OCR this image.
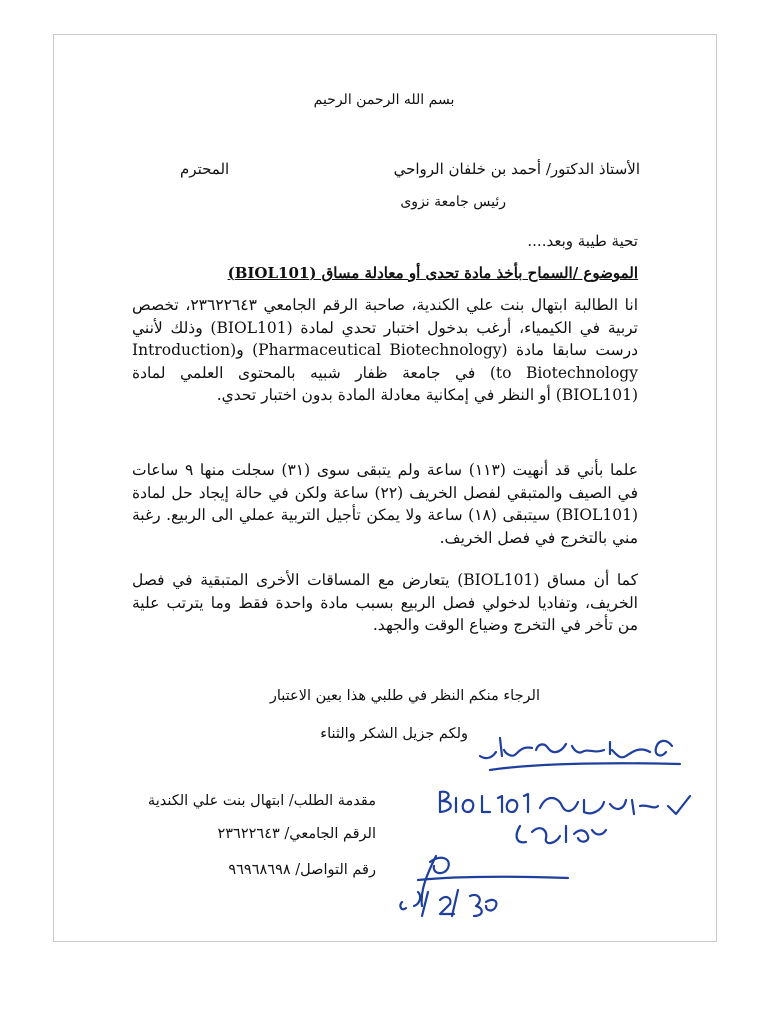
بسم الله الرحمن الرحيم
الأستاذ الدكتور/ أحمد بن خلفان الرواحي
المحترم
رئيس جامعة نزوى
تحية طيبة وبعد....
الموضوع /السماح بأخذ مادة تحدى أو معادلة مساق (BIOL101)
انا الطالبة ابتهال بنت علي الكندية، صاحبة الرقم الجامعي ٢٣٦٢٢٦٤٣، تخصص تربية في الكيمياء، أرغب بدخول اختبار تحدي لمادة (BIOL101) وذلك لأنني درست سابقا مادة (Pharmaceutical Biotechnology) و(Introduction to Biotechnology) في جامعة ظفار شبيه بالمحتوى العلمي لمادة (BIOL101) أو النظر في إمكانية معادلة المادة بدون اختبار تحدي.
علما بأني قد أنهيت (١١٣) ساعة ولم يتبقى سوى (٣١) سجلت منها ٩ ساعات في الصيف والمتبقي لفصل الخريف (٢٢) ساعة ولكن في حالة إيجاد حل لمادة (BIOL101) سيتبقى (١٨) ساعة ولا يمكن تأجيل التربية عملي الى الربيع. رغبة مني بالتخرج في فصل الخريف.
كما أن مساق (BIOL101) يتعارض مع المساقات الأخرى المتبقية في فصل الخريف، وتفاديا لدخولي فصل الربيع بسبب مادة واحدة فقط وما يترتب علية من تأخر في التخرج وضياع الوقت والجهد.
الرجاء منكم النظر في طلبي هذا بعين الاعتبار
ولكم جزيل الشكر والثناء
مقدمة الطلب/ ابتهال بنت علي الكندية
الرقم الجامعي/ ٢٣٦٢٢٦٤٣
رقم التواصل/ ٩٦٩٦٨٦٩٨
